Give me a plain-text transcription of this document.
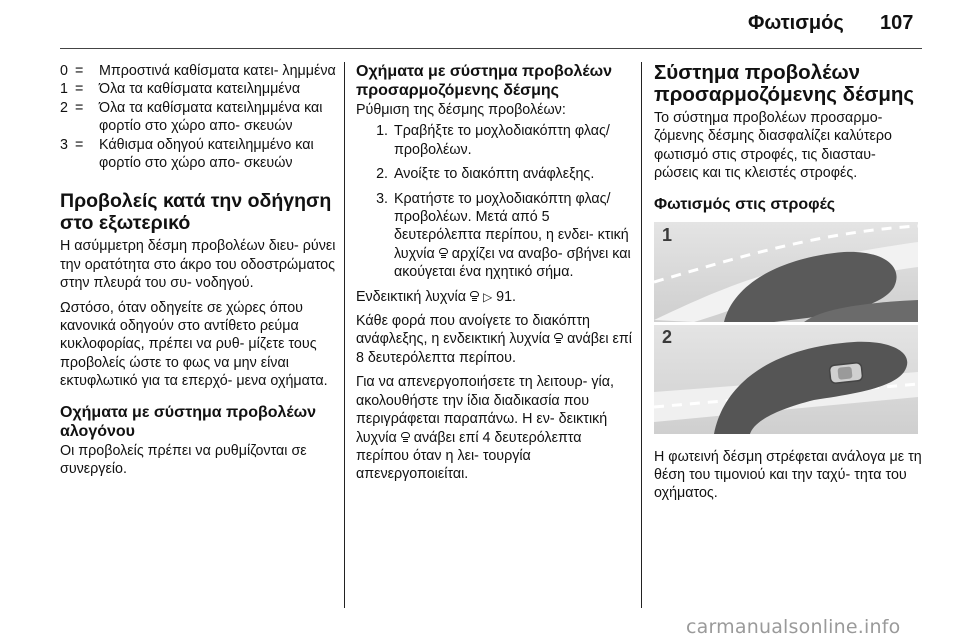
Φωτισμός 107
0 =	Μπροστινά καθίσματα κατει‐ λημμένα
1 =	Όλα τα καθίσματα κατειλημμένα
2 =	Όλα τα καθίσματα κατειλημμένα και φορτίο στο χώρο απο‐ σκευών
3 =	Κάθισμα οδηγού κατειλημμένο και φορτίο στο χώρο απο‐ σκευών
Προβολείς κατά την οδήγηση στο εξωτερικό

Η ασύμμετρη δέσμη προβολέων διευ‐ ρύνει την ορατότητα στο άκρο του οδοστρώματος στην πλευρά του συ‐ νοδηγού.

Ωστόσο, όταν οδηγείτε σε χώρες όπου κανονικά οδηγούν στο αντίθετο ρεύμα κυκλοφορίας, πρέπει να ρυθ‐ μίζετε τους προβολείς ώστε το φως να μην είναι εκτυφλωτικό για τα επερχό‐ μενα οχήματα.

Οχήματα με σύστημα προβολέων αλογόνου

Οι προβολείς πρέπει να ρυθμίζονται σε συνεργείο.

Οχήματα με σύστημα προβολέων προσαρμοζόμενης δέσμης

Ρύθμιση της δέσμης προβολέων:

1. Τραβήξτε το μοχλοδιακόπτη φλας/προβολέων.
2. Ανοίξτε το διακόπτη ανάφλεξης.
3. Κρατήστε το μοχλοδιακόπτη φλας/προβολέων. Μετά από 5 δευτερόλεπτα περίπου, η ενδει‐ κτική λυχνία αρχίζει να αναβο‐ σβήνει και ακούγεται ένα ηχητικό σήμα.

Ενδεικτική λυχνία ▷ 91.

Κάθε φορά που ανοίγετε το διακόπτη ανάφλεξης, η ενδεικτική λυχνία ανάβει επί 8 δευτερόλεπτα περίπου.

Για να απενεργοποιήσετε τη λειτουρ‐ γία, ακολουθήστε την ίδια διαδικασία που περιγράφεται παραπάνω. Η εν‐ δεικτική λυχνία ανάβει επί 4 δευτερόλεπτα περίπου όταν η λει‐ τουργία απενεργοποιείται.

Σύστημα προβολέων προσαρμοζόμενης δέσμης

Το σύστημα προβολέων προσαρμο‐ ζόμενης δέσμης διασφαλίζει καλύτερο φωτισμό στις στροφές, τις διασταυ‐ ρώσεις και τις κλειστές στροφές.

Φωτισμός στις στροφές
1
2

Η φωτεινή δέσμη στρέφεται ανάλογα με τη θέση του τιμονιού και την ταχύ‐ τητα του οχήματος.

carmanualsonline.info
